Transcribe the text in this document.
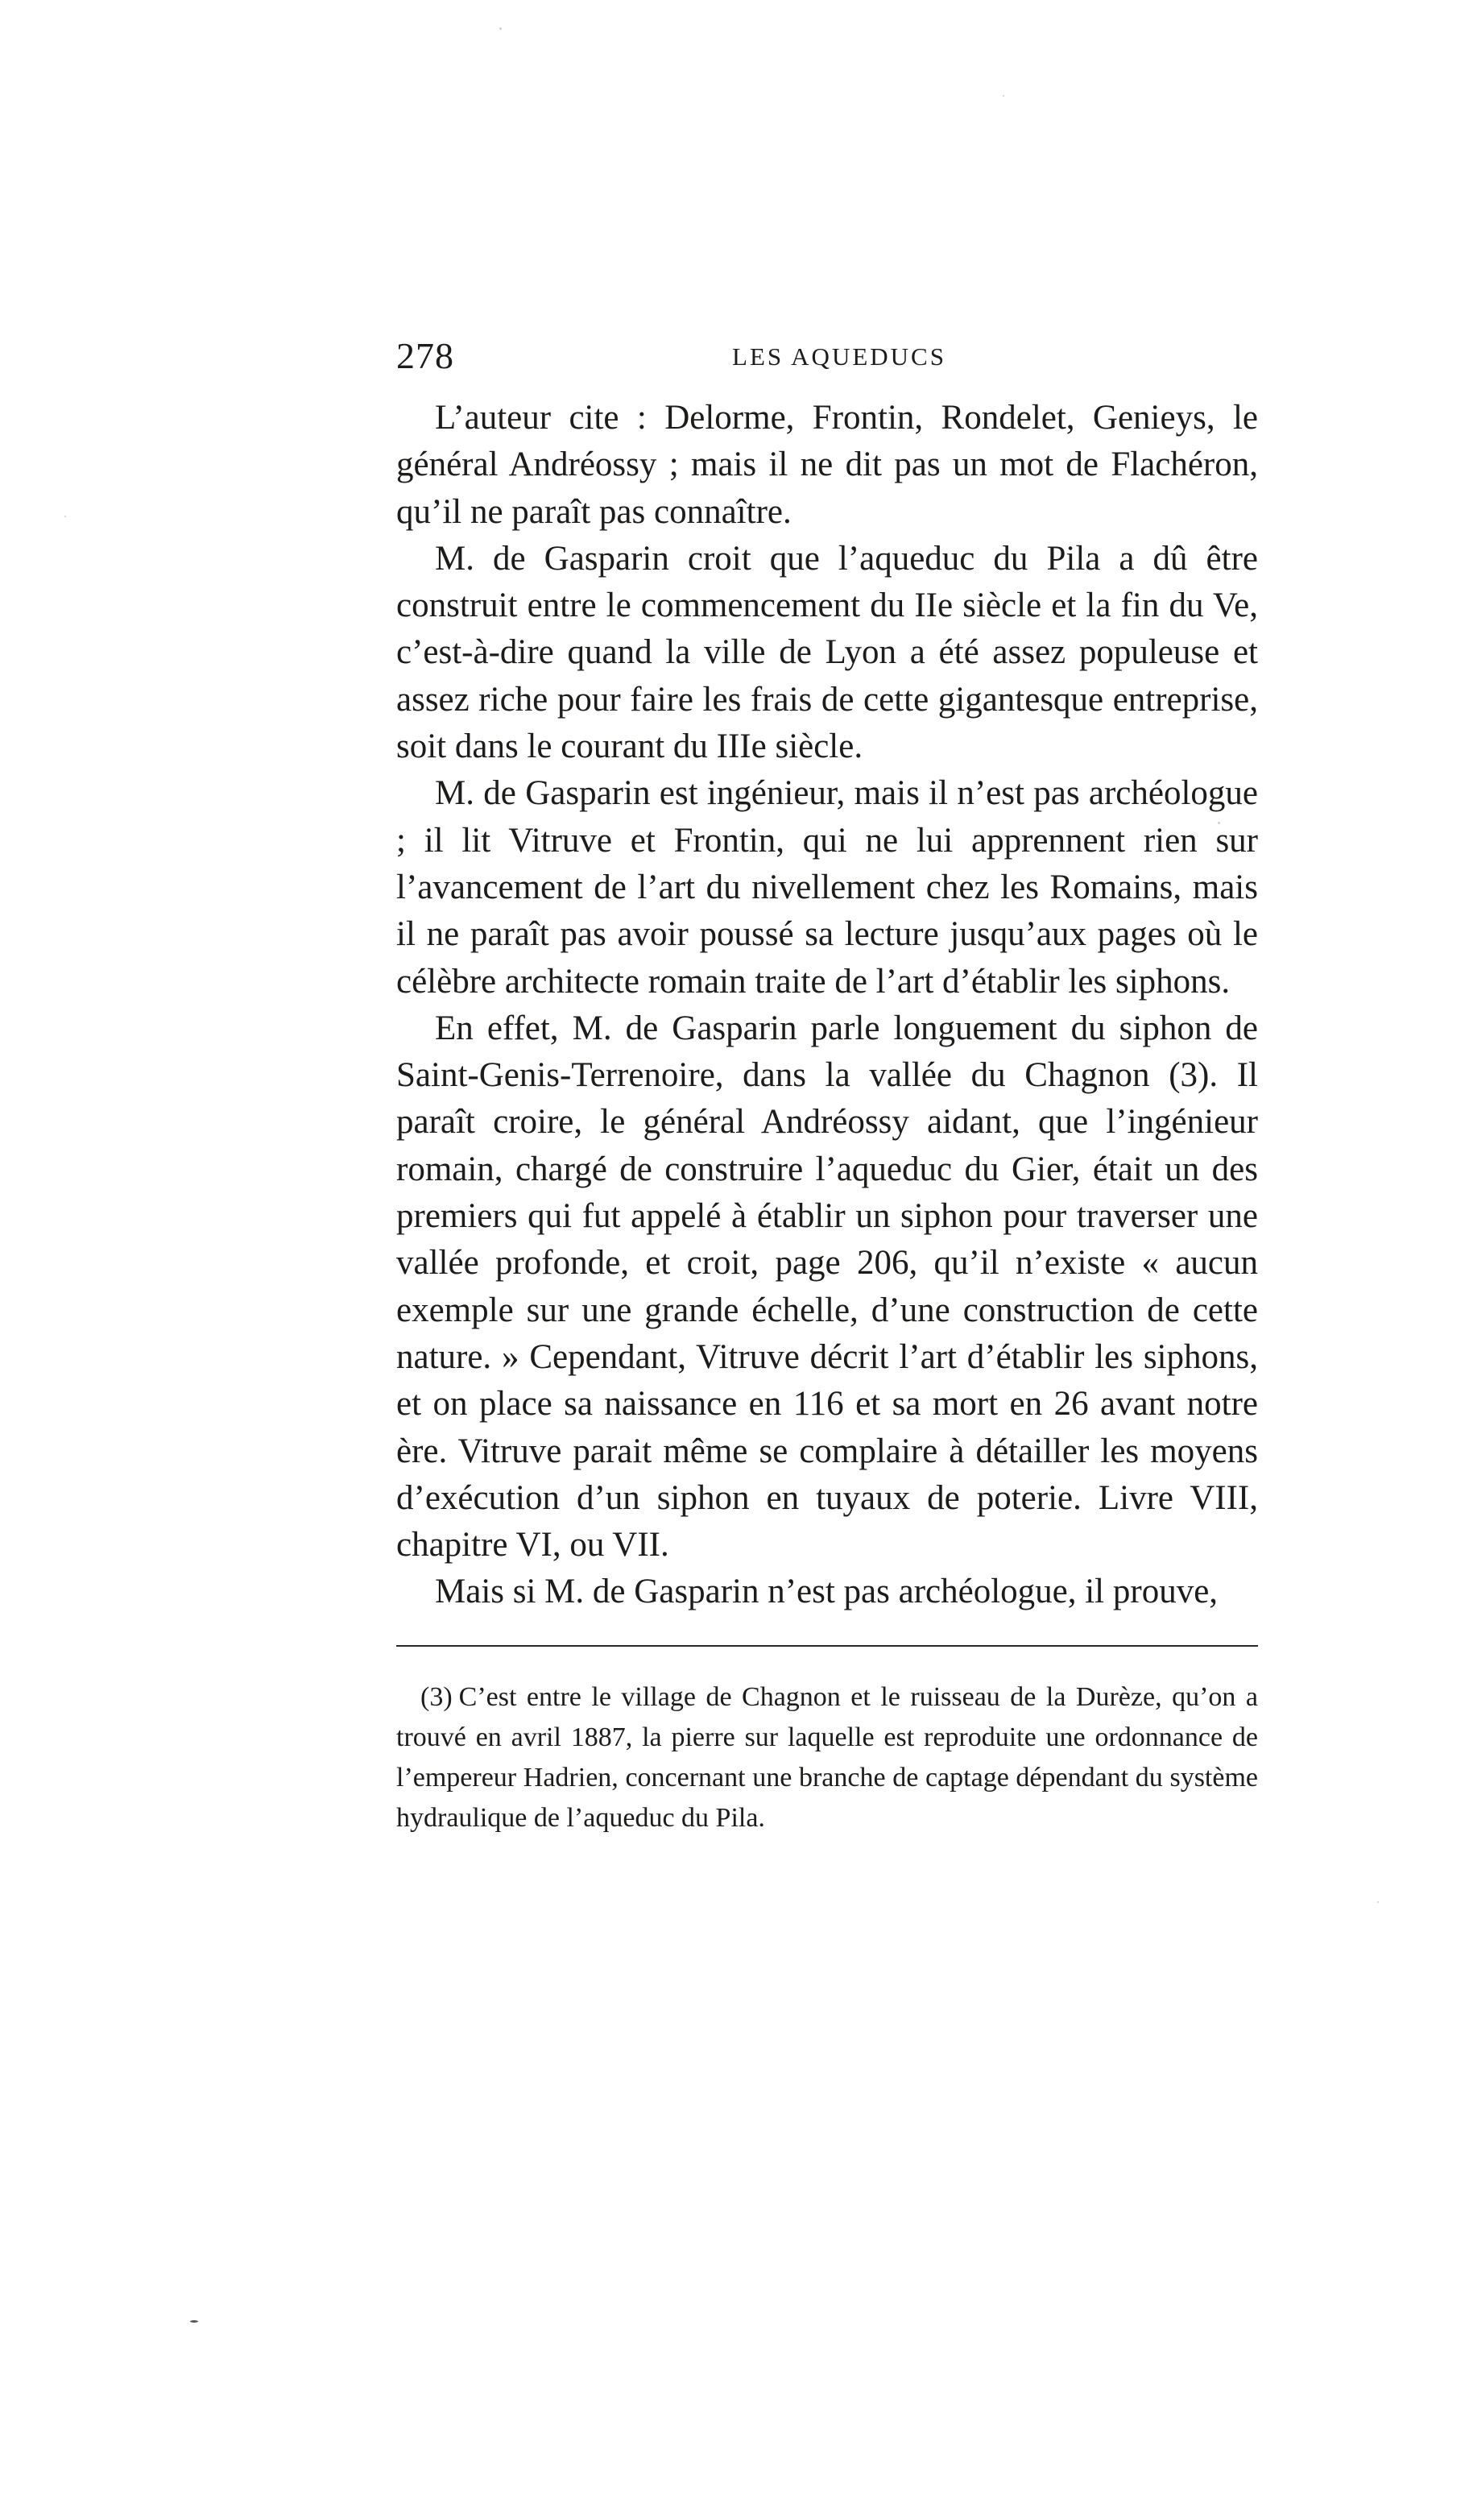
278	LES AQUEDUCS

L’auteur cite : Delorme, Frontin, Rondelet, Genieys, le général Andréossy ; mais il ne dit pas un mot de Flachéron, qu’il ne paraît pas connaître.

M. de Gasparin croit que l’aqueduc du Pila a dû être construit entre le commencement du IIe siècle et la fin du Ve, c’est-à-dire quand la ville de Lyon a été assez populeuse et assez riche pour faire les frais de cette gigantesque entreprise, soit dans le courant du IIIe siècle.

M. de Gasparin est ingénieur, mais il n’est pas archéologue ; il lit Vitruve et Frontin, qui ne lui apprennent rien sur l’avancement de l’art du nivellement chez les Romains, mais il ne paraît pas avoir poussé sa lecture jusqu’aux pages où le célèbre architecte romain traite de l’art d’établir les siphons.

En effet, M. de Gasparin parle longuement du siphon de Saint-Genis-Terrenoire, dans la vallée du Chagnon (3). Il paraît croire, le général Andréossy aidant, que l’ingénieur romain, chargé de construire l’aqueduc du Gier, était un des premiers qui fut appelé à établir un siphon pour traverser une vallée profonde, et croit, page 206, qu’il n’existe « aucun exemple sur une grande échelle, d’une construction de cette nature. » Cependant, Vitruve décrit l’art d’établir les siphons, et on place sa naissance en 116 et sa mort en 26 avant notre ère. Vitruve parait même se complaire à détailler les moyens d’exécution d’un siphon en tuyaux de poterie. Livre VIII, chapitre VI, ou VII.

Mais si M. de Gasparin n’est pas archéologue, il prouve,

(3) C’est entre le village de Chagnon et le ruisseau de la Durèze, qu’on a trouvé en avril 1887, la pierre sur laquelle est reproduite une ordonnance de l’empereur Hadrien, concernant une branche de captage dépendant du système hydraulique de l’aqueduc du Pila.
